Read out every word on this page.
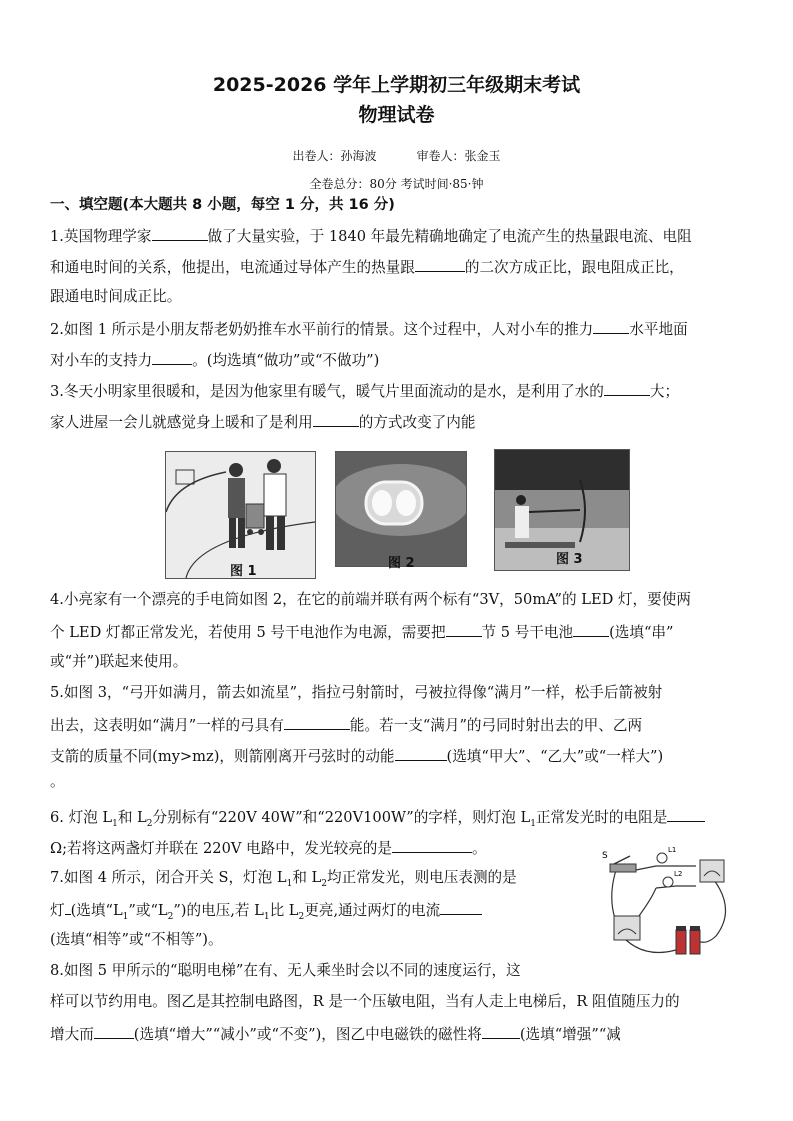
2025-2026 学年上学期初三年级期末考试
物理试卷
出卷人：孙海波	审卷人：张金玉
全卷总分：80分 考试时间·85·钟
一、填空题(本大题共 8 小题，每空 1 分，共 16 分)
1.英国物理学家	做了大量实验，于 1840 年最先精确地确定了电流产生的热量跟电流、电阻
和通电时间的关系，他提出，电流通过导体产生的热量跟	的二次方成正比，跟电阻成正比，
跟通电时间成正比。
2.如图 1 所示是小朋友帮老奶奶推车水平前行的情景。这个过程中，人对小车的推力 水平地面
对小车的支持力	。(均选填“做功”或“不做功”)
3.冬天小明家里很暖和，是因为他家里有暖气，暖气片里面流动的是水，是利用了水的	大；
家人进屋一会儿就感觉身上暖和了是利用	的方式改变了内能
图 1
图 2	图 3
4.小亮家有一个漂亮的手电筒如图 2，在它的前端并联有两个标有“3V，50mA”的 LED 灯，要使两
个 LED 灯都正常发光，若使用 5 号干电池作为电源，需要把 节 5 号干电池 (选填“串”
或“并”)联起来使用。
5.如图 3，“弓开如满月，箭去如流星”，指拉弓射箭时，弓被拉得像“满月”一样，松手后箭被射
出去，这表明如“满月”一样的弓具有	能。若一支“满月”的弓同时射出去的甲、乙两
支箭的质量不同(my>mz)，则箭刚离开弓弦时的动能	(选填“甲大”、“乙大”或“一样大”)
。
6. 灯泡 $L_1$和 $L_2$分别标有“220V 40W”和“220V100W”的字样，则灯泡 $L_1$正常发光时的电阻是
Ω;若将这两盏灯并联在 220V 电路中，发光较亮的是	。
7.如图 4 所示，闭合开关 S，灯泡 $L_1$和 $L_2$均正常发光，则电压表测的是
灯 (选填“$L_1$”或“$L_2$”)的电压,若 $L_1$比 $L_2$更亮,通过两灯的电流
(选填“相等”或“不相等”)。
S
L1
L2
8.如图 5 甲所示的“聪明电梯”在有、无人乘坐时会以不同的速度运行，这
样可以节约用电。图乙是其控制电路图，R 是一个压敏电阻，当有人走上电梯后，R 阻值随压力的
增大而	(选填“增大”“减小”或“不变”)，图乙中电磁铁的磁性将	(选填“增强”“减
